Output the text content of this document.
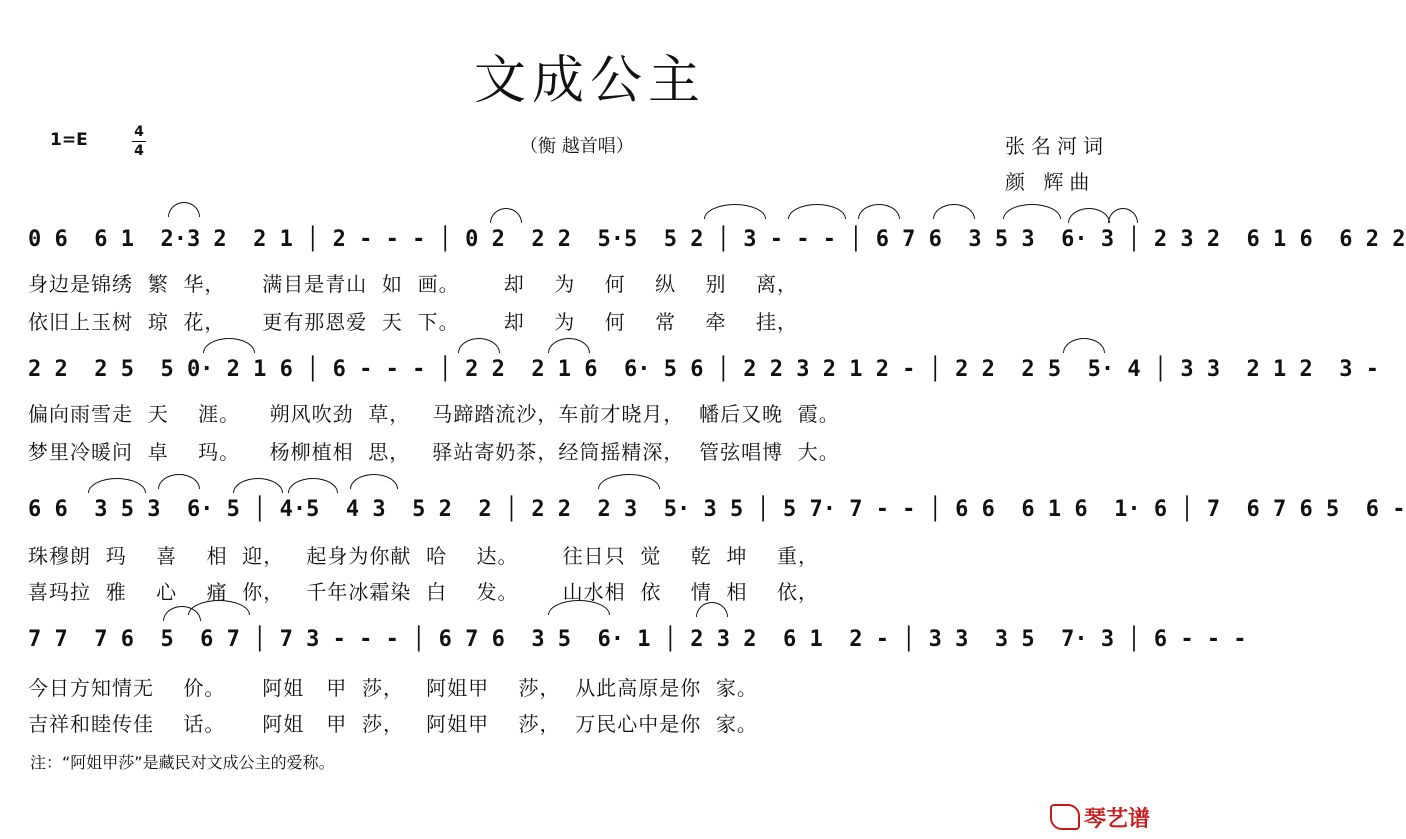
文成公主
1=E	4
4	（衡 越首唱）	张名河词
颜 辉曲
0 6  6 1  2·3 2  2 1 │ 2 - - - │ 0 2  2 2  5·5  5 2 │ 3 - - - │ 6 7 6  3 5 3  6· 3 │ 2 3 2  6 1 6  6 2 2
身边是锦绣  繁  华，     满目是青山  如  画。      却    为    何    纵    别    离，
依旧上玉树  琼  花，     更有那恩爱  天  下。      却    为    何    常    牵    挂，
2 2  2 5  5 0· 2 1 6 │ 6 - - - │ 2 2  2 1 6  6· 5 6 │ 2 2 3 2 1 2 - │ 2 2  2 5  5· 4 │ 3 3  2 1 2  3 -
偏向雨雪走  天    涯。    朔风吹劲  草，   马蹄踏流沙，车前才晓月，  幡后又晚  霞。
梦里冷暖问  卓    玛。    杨柳植相  思，   驿站寄奶茶，经筒摇精深，  管弦唱博  大。
6 6  3 5 3  6· 5 │ 4·5  4 3  5 2  2 │ 2 2  2 3  5· 3 5 │ 5 7· 7 - - │ 6 6  6 1 6  1· 6 │ 7  6 7 6 5  6 -
珠穆朗  玛    喜    相  迎，   起身为你献  哈    达。      往日只  觉    乾  坤    重，
喜玛拉  雅    心    痛  你，   千年冰霜染  白    发。      山水相  依    情  相    依，
7 7  7 6  5  6 7 │ 7 3 - - - │ 6 7 6  3 5  6· 1 │ 2 3 2  6 1  2 - │ 3 3  3 5  7· 3 │ 6 - - -
今日方知情无    价。     阿姐   甲  莎，   阿姐甲    莎，  从此高原是你  家。
吉祥和睦传佳    话。     阿姐   甲  莎，   阿姐甲    莎，  万民心中是你  家。
注：“阿姐甲莎”是藏民对文成公主的爱称。
琴艺谱
